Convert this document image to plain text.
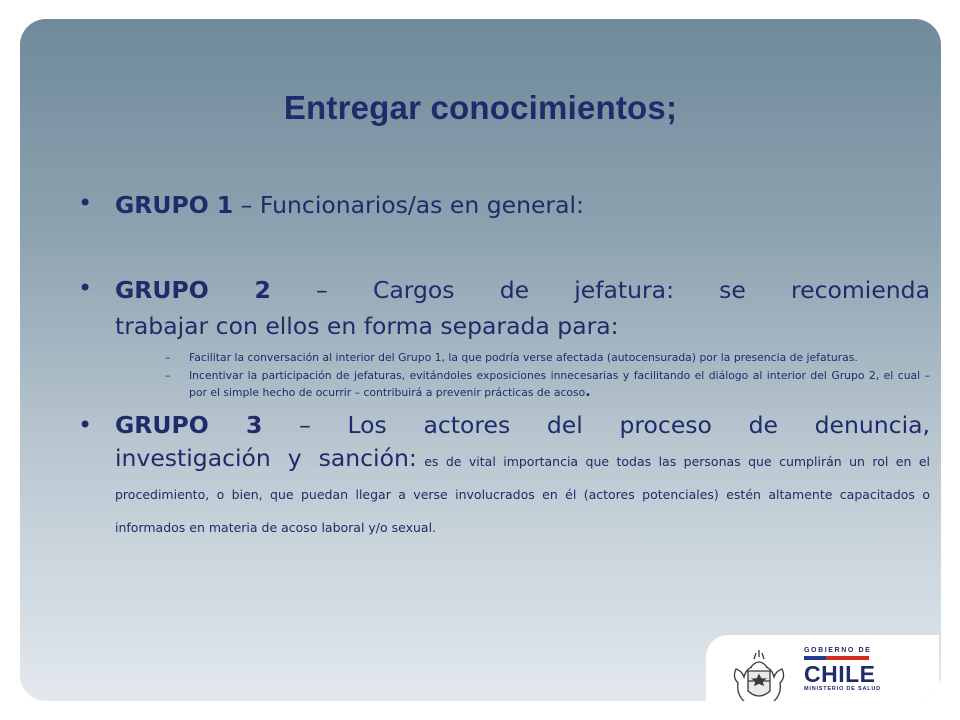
Entregar conocimientos;
• GRUPO 1 – Funcionarios/as en general:

• GRUPO 2 – Cargos de jefatura: se recomienda
trabajar con ellos en forma separada para:

– Facilitar la conversación al interior del Grupo 1, la que podría verse afectada (autocensurada) por la presencia de jefaturas.
– Incentivar la participación de jefaturas, evitándoles exposiciones innecesarias y facilitando el diálogo al interior del Grupo 2, el cual – por el simple hecho de ocurrir – contribuirá a prevenir prácticas de acoso.
• GRUPO 3 – Los actores del proceso de denuncia,
investigación y sanción: es de vital importancia que todas las personas que cumplirán un rol en el procedimiento, o bien, que puedan llegar a verse involucrados en él (actores potenciales) estén altamente capacitados o informados en materia de acoso laboral y/o sexual.

GOBIERNO DE
CHILE
MINISTERIO DE SALUD
